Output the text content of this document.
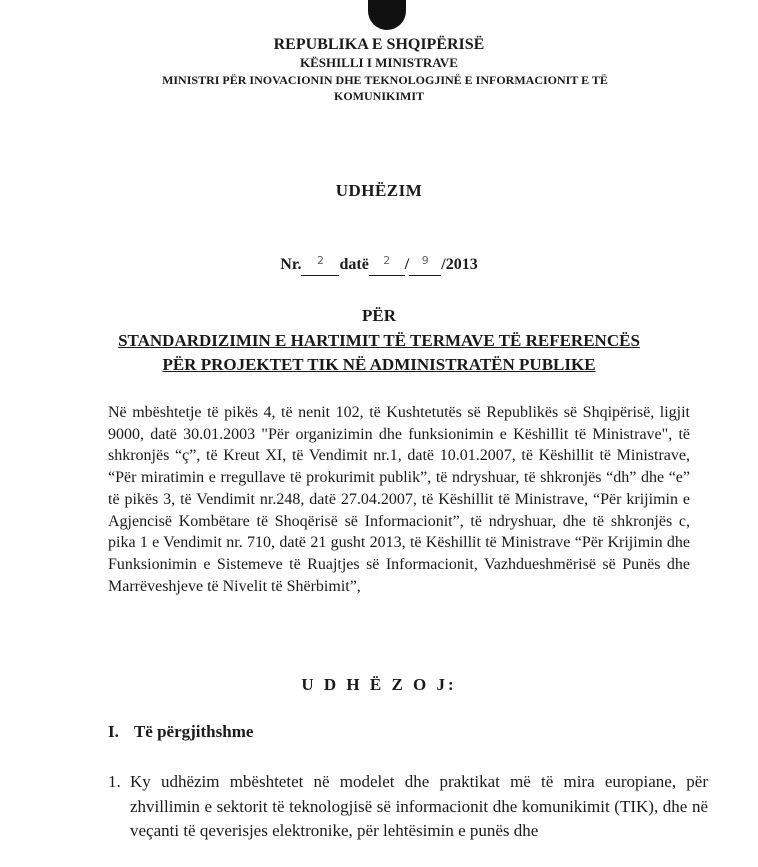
REPUBLIKA E SHQIPËRISË
KËSHILLI I MINISTRAVE
MINISTRI PËR INOVACIONIN DHE TEKNOLOGJINË E INFORMACIONIT E TË
KOMUNIKIMIT
UDHËZIM
Nr. 2 datë 2 / 9 /2013
PËR
STANDARDIZIMIN E HARTIMIT TË TERMAVE TË REFERENCËS
PËR PROJEKTET TIK NË ADMINISTRATËN PUBLIKE

Në mbështetje të pikës 4, të nenit 102, të Kushtetutës së Republikës së Shqipërisë, ligjit 9000, datë 30.01.2003 "Për organizimin dhe funksionimin e Këshillit të Ministrave", të shkronjës “ç”, të Kreut XI, të Vendimit nr.1, datë 10.01.2007, të Këshillit të Ministrave, “Për miratimin e rregullave të prokurimit publik”, të ndryshuar, të shkronjës “dh” dhe “e” të pikës 3, të Vendimit nr.248, datë 27.04.2007, të Këshillit të Ministrave, “Për krijimin e Agjencisë Kombëtare të Shoqërisë së Informacionit”, të ndryshuar, dhe të shkronjës c, pika 1 e Vendimit nr. 710, datë 21 gusht 2013, të Këshillit të Ministrave “Për Krijimin dhe Funksionimin e Sistemeve të Ruajtjes së Informacionit, Vazhdueshmërisë së Punës dhe Marrëveshjeve të Nivelit të Shërbimit”,

U D H Ë Z O J:
I. Të përgjithshme
1. Ky udhëzim mbështetet në modelet dhe praktikat më të mira europiane, për zhvillimin e sektorit të teknologjisë së informacionit dhe komunikimit (TIK), dhe në veçanti të qeverisjes elektronike, për lehtësimin e punës dhe
